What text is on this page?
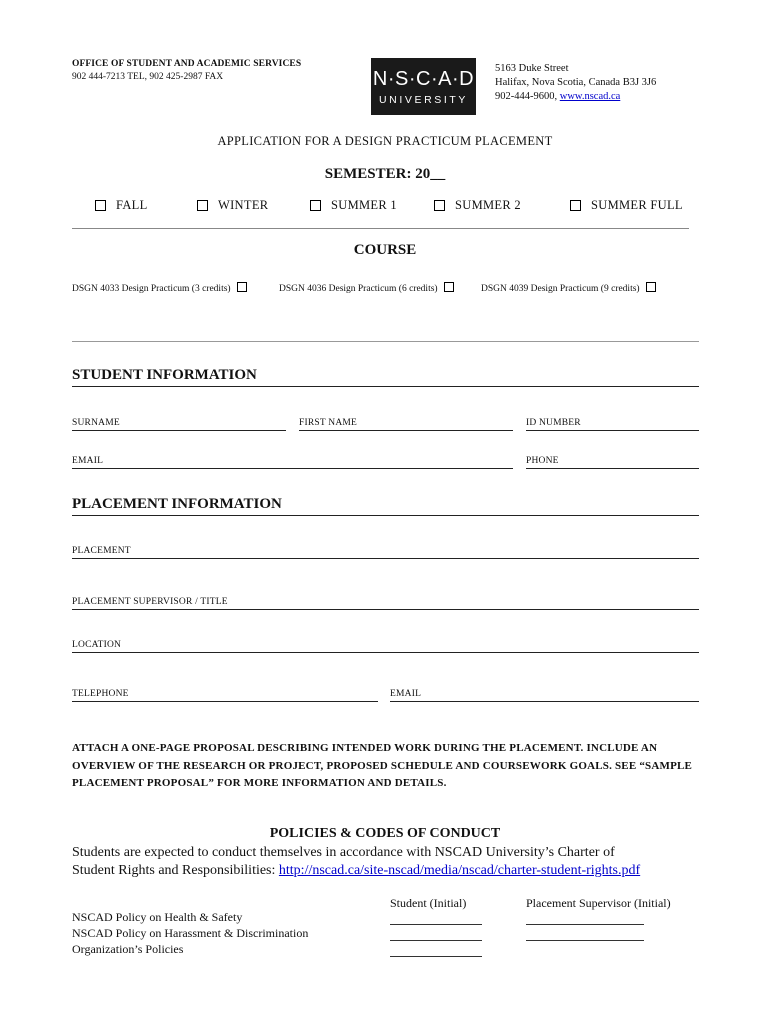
OFFICE OF STUDENT AND ACADEMIC SERVICES
902 444-7213 TEL, 902 425-2987 FAX	N·S·C·A·D
UNIVERSITY
5163 Duke Street
Halifax, Nova Scotia, Canada B3J 3J6
902-444-9600, www.nscad.ca
APPLICATION FOR A DESIGN PRACTICUM PLACEMENT
SEMESTER: 20__
FALL	WINTER	SUMMER 1	SUMMER 2	SUMMER FULL
COURSE
DSGN 4033 Design Practicum (3 credits)	DSGN 4036 Design Practicum (6 credits)	DSGN 4039 Design Practicum (9 credits)
STUDENT INFORMATION
SURNAME	FIRST NAME	ID NUMBER
EMAIL	PHONE
PLACEMENT INFORMATION
PLACEMENT
PLACEMENT SUPERVISOR / TITLE
LOCATION
TELEPHONE	EMAIL
ATTACH A ONE-PAGE PROPOSAL DESCRIBING INTENDED WORK DURING THE PLACEMENT. INCLUDE AN OVERVIEW OF THE RESEARCH OR PROJECT, PROPOSED SCHEDULE AND COURSEWORK GOALS. SEE “SAMPLE PLACEMENT PROPOSAL” FOR MORE INFORMATION AND DETAILS.
POLICIES & CODES OF CONDUCT
Students are expected to conduct themselves in accordance with NSCAD University’s Charter of
Student Rights and Responsibilities: http://nscad.ca/site-nscad/media/nscad/charter-student-rights.pdf
Student (Initial)	Placement Supervisor (Initial)
NSCAD Policy on Health & Safety
NSCAD Policy on Harassment & Discrimination
Organization’s Policies
